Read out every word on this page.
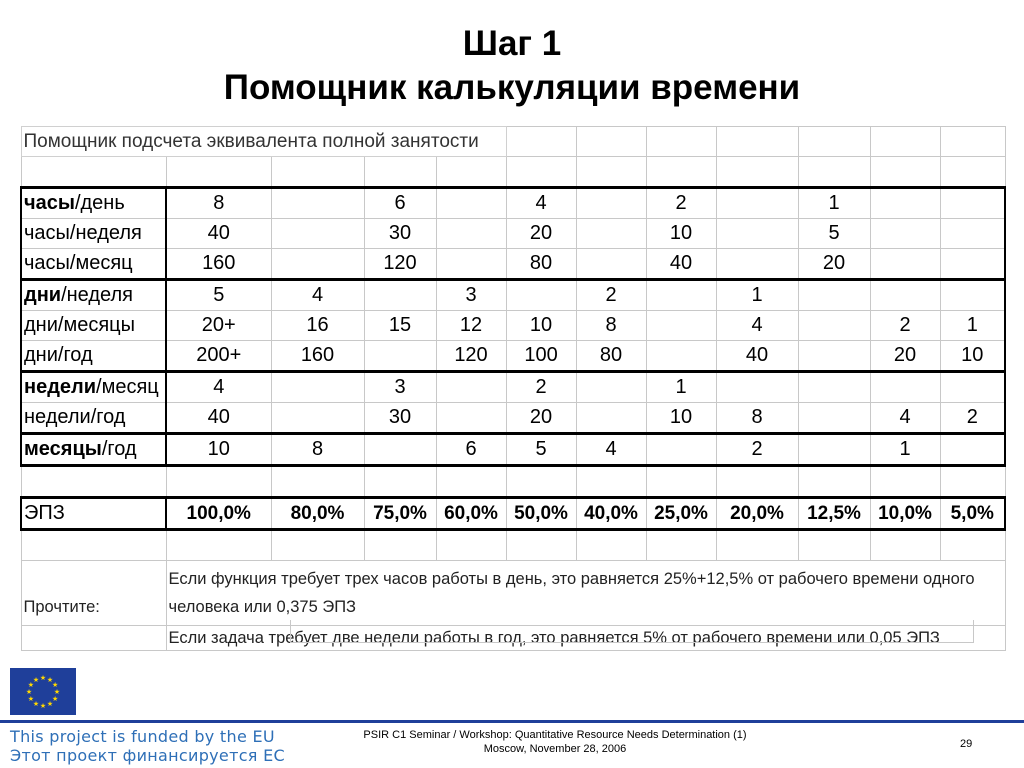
Шаг 1
Помощник калькуляции времени
Помощник подсчета эквивалента полной занятости											

часы/день	8		6		4		2		1		
часы/неделя	40		30		20		10		5		
часы/месяц	160		120		80		40		20		
дни/неделя	5	4		3		2		1			
дни/месяцы	20+	16	15	12	10	8		4		2	1
дни/год	200+	160		120	100	80		40		20	10
недели/месяц	4		3		2		1				
недели/год	40		30		20		10	8		4	2
месяцы/год	10	8		6	5	4		2		1	

ЭПЗ	100,0%	80,0%	75,0%	60,0%	50,0%	40,0%	25,0%	20,0%	12,5%	10,0%	5,0%

Прочтите:	Если функция требует трех часов работы в день, это равняется 25%+12,5% от рабочего времени одного человека или 0,375 ЭПЗ										
	Если задача требует две недели работы в год, это равняется 5% от рабочего времени или 0,05 ЭПЗ										
★ ★
★
★
★
★
★
★
★
★
★
★
This project is funded by the EU
Этот проект финансируется ЕС
PSIR C1 Seminar / Workshop: Quantitative Resource Needs Determination (1)
Moscow, November 28, 2006	29
